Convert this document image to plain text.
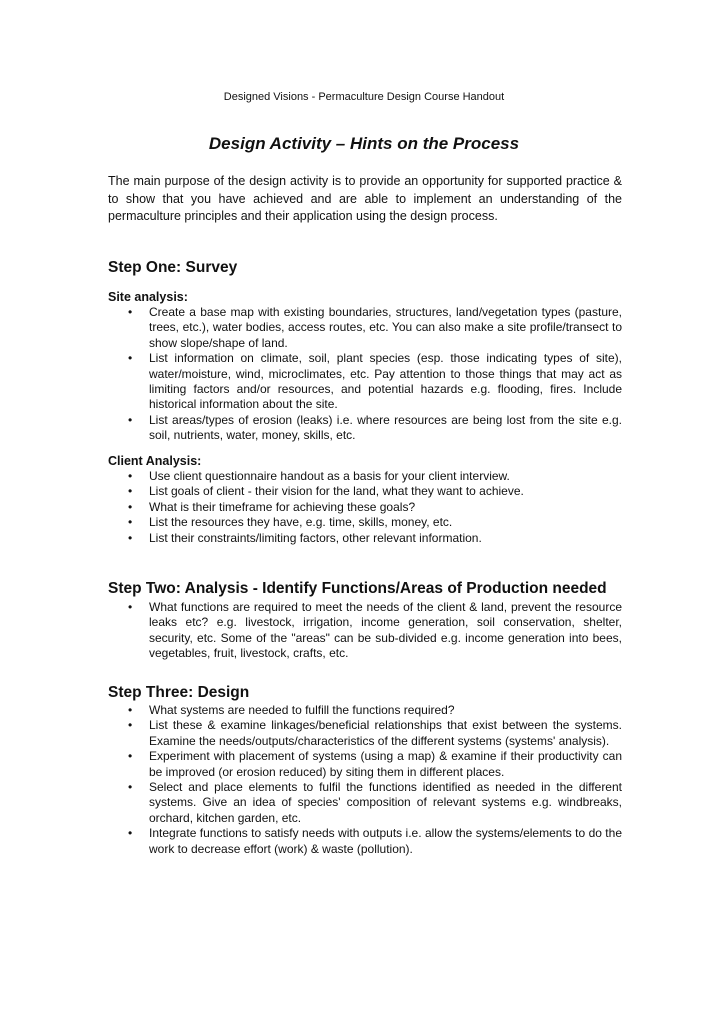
Designed Visions - Permaculture Design Course Handout
Design Activity – Hints on the Process

The main purpose of the design activity is to provide an opportunity for supported practice & to show that you have achieved and are able to implement an understanding of the permaculture principles and their application using the design process.

Step One: Survey
Site analysis:
• Create a base map with existing boundaries, structures, land/vegetation types (pasture, trees, etc.), water bodies, access routes, etc. You can also make a site profile/transect to show slope/shape of land.
• List information on climate, soil, plant species (esp. those indicating types of site), water/moisture, wind, microclimates, etc. Pay attention to those things that may act as limiting factors and/or resources, and potential hazards e.g. flooding, fires. Include historical information about the site.
• List areas/types of erosion (leaks) i.e. where resources are being lost from the site e.g. soil, nutrients, water, money, skills, etc.
Client Analysis:
• Use client questionnaire handout as a basis for your client interview.
• List goals of client - their vision for the land, what they want to achieve.
• What is their timeframe for achieving these goals?
• List the resources they have, e.g. time, skills, money, etc.
• List their constraints/limiting factors, other relevant information.
Step Two: Analysis - Identify Functions/Areas of Production needed
• What functions are required to meet the needs of the client & land, prevent the resource leaks etc? e.g. livestock, irrigation, income generation, soil conservation, shelter, security, etc. Some of the "areas" can be sub-divided e.g. income generation into bees, vegetables, fruit, livestock, crafts, etc.
Step Three: Design
• What systems are needed to fulfill the functions required?
• List these & examine linkages/beneficial relationships that exist between the systems. Examine the needs/outputs/characteristics of the different systems (systems' analysis).
• Experiment with placement of systems (using a map) & examine if their productivity can be improved (or erosion reduced) by siting them in different places.
• Select and place elements to fulfil the functions identified as needed in the different systems. Give an idea of species' composition of relevant systems e.g. windbreaks, orchard, kitchen garden, etc.
• Integrate functions to satisfy needs with outputs i.e. allow the systems/elements to do the work to decrease effort (work) & waste (pollution).
